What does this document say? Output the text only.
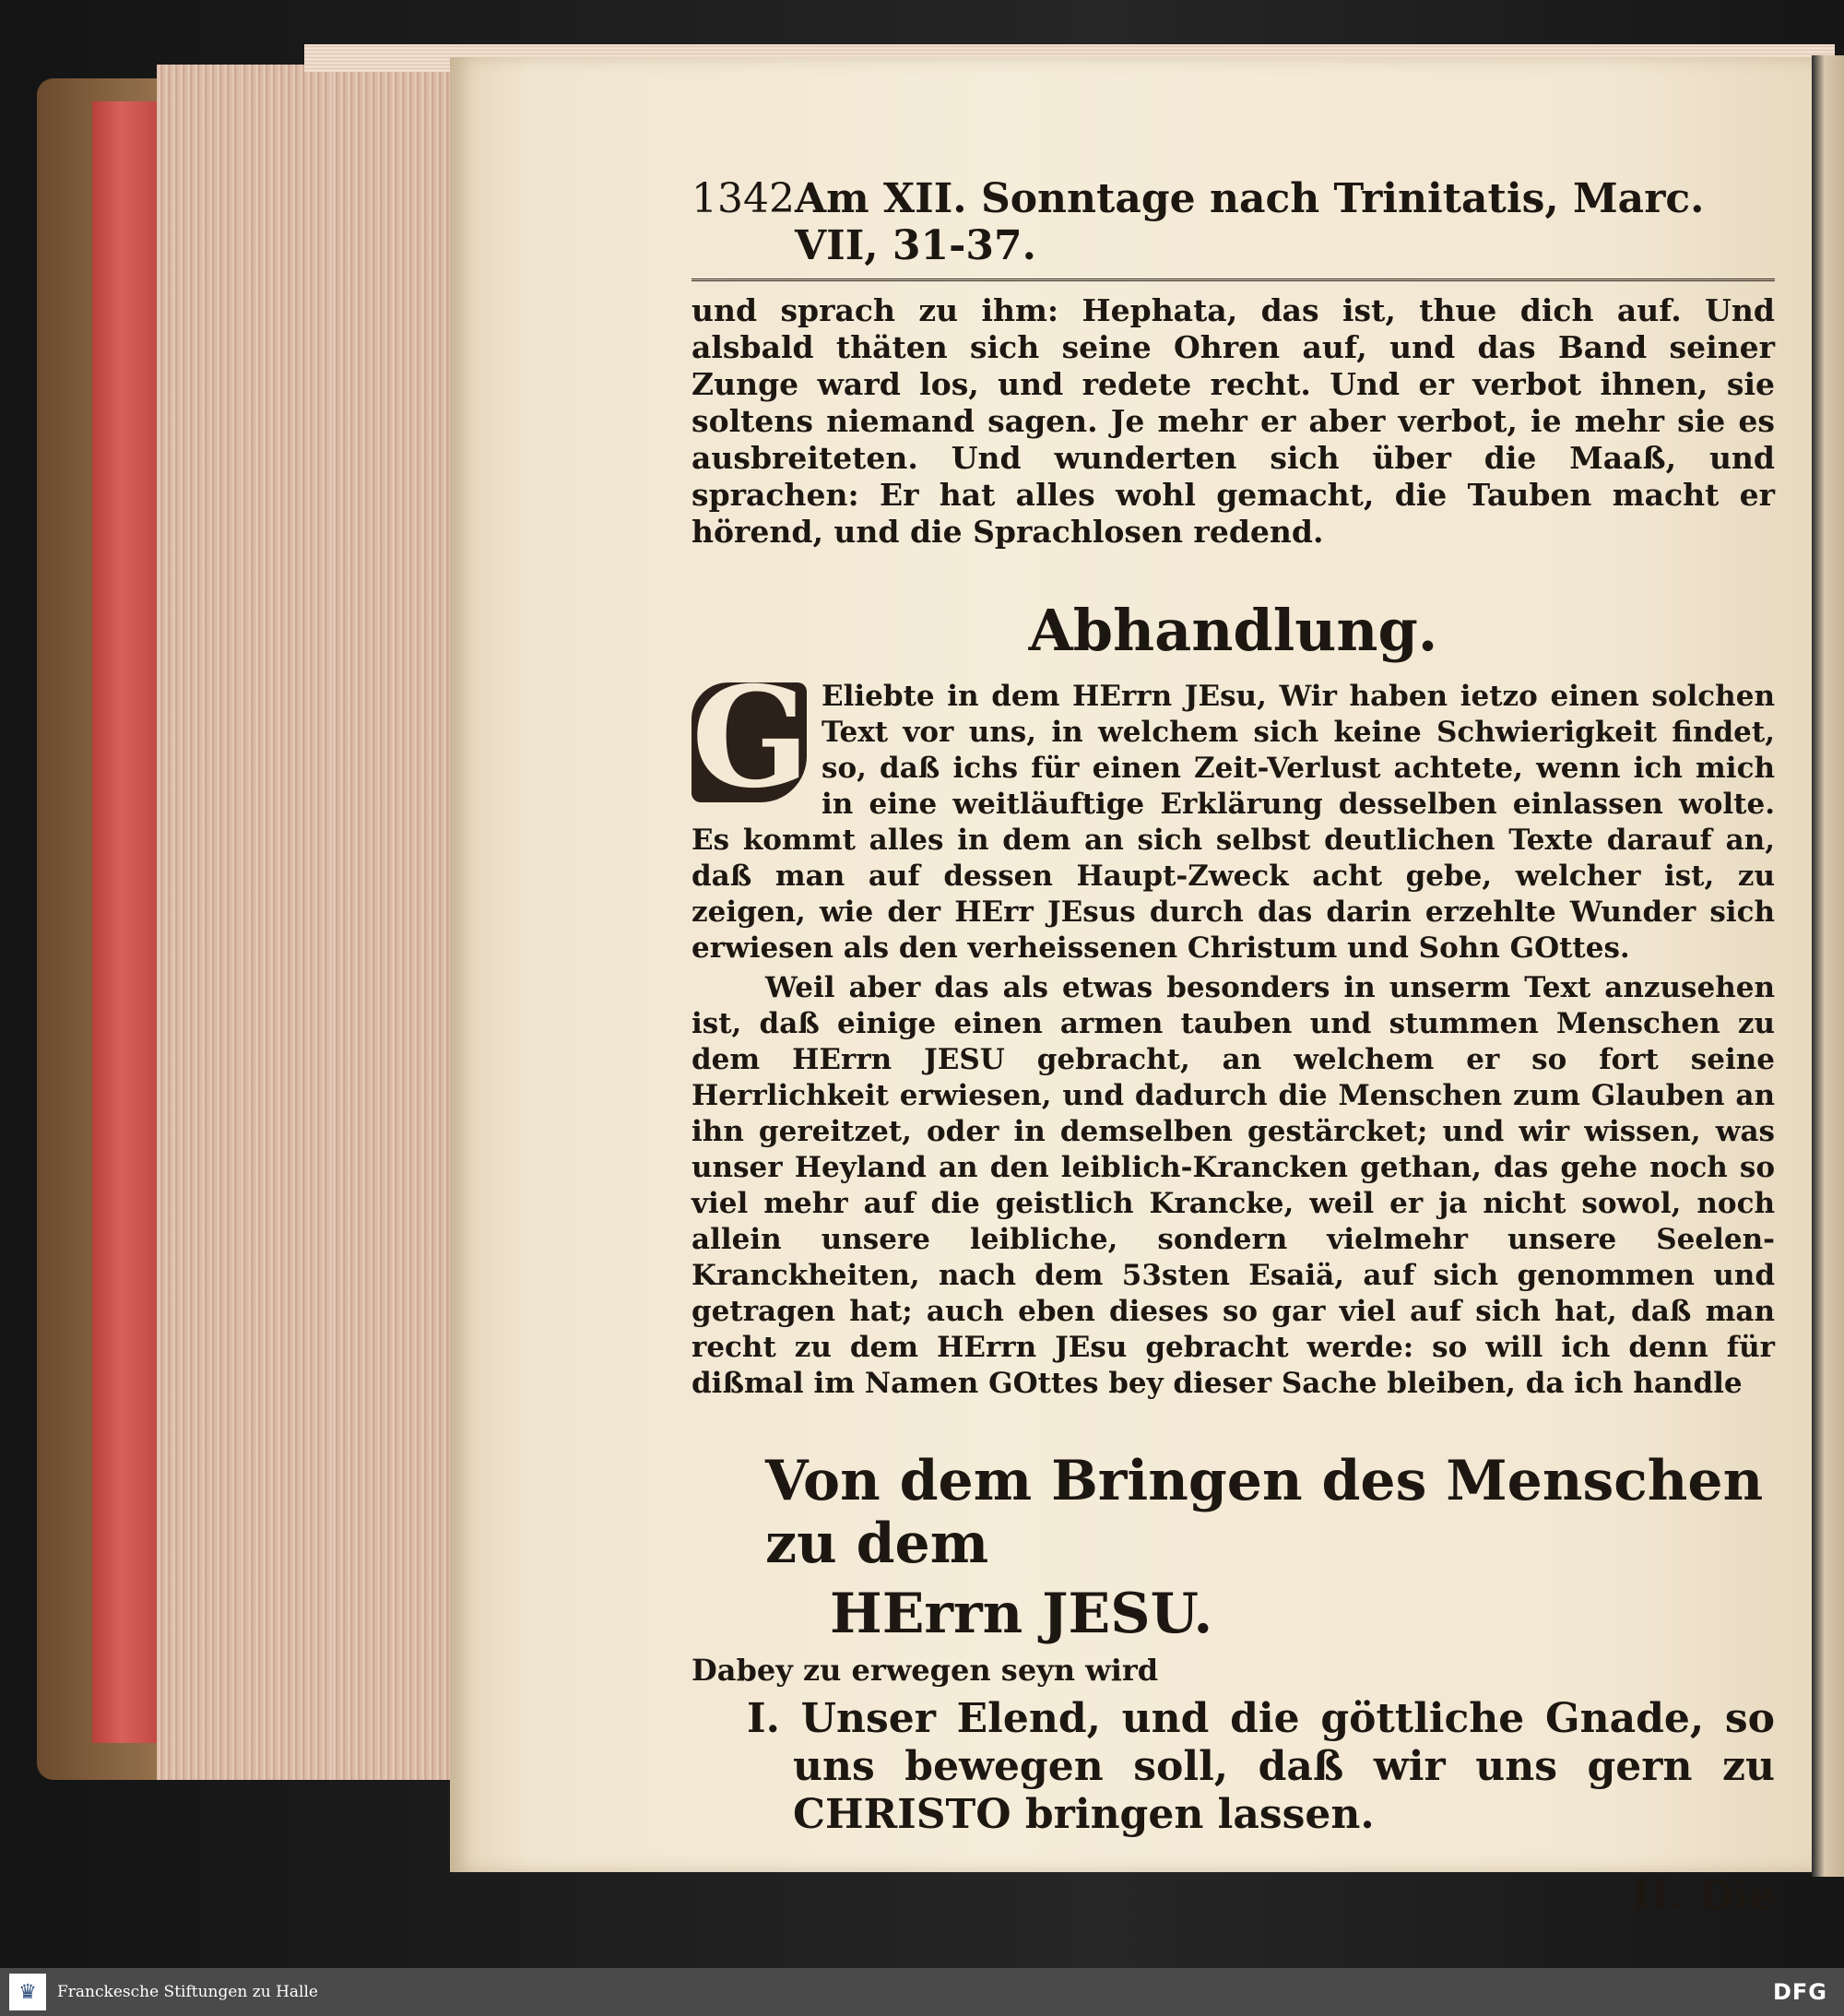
1342 Am XII. Sonntage nach Trinitatis, Marc. VII, 31-37.
und sprach zu ihm: Hephata, das ist, thue dich auf. Und alsbald thäten sich seine Ohren auf, und das Band seiner Zunge ward los, und redete recht. Und er verbot ihnen, sie soltens niemand sagen. Je mehr er aber verbot, ie mehr sie es ausbreiteten. Und wunderten sich über die Maaß, und sprachen: Er hat alles wohl gemacht, die Tauben macht er hörend, und die Sprachlosen redend.
Abhandlung.
G Eliebte in dem HErrn JEsu, Wir haben ietzo einen solchen Text vor uns, in welchem sich keine Schwierigkeit findet, so, daß ichs für einen Zeit-Verlust achtete, wenn ich mich in eine weitläuftige Erklärung desselben einlassen wolte. Es kommt alles in dem an sich selbst deutlichen Texte darauf an, daß man auf dessen Haupt-Zweck acht gebe, welcher ist, zu zeigen, wie der HErr JEsus durch das darin erzehlte Wunder sich erwiesen als den verheissenen Christum und Sohn GOttes.
Weil aber das als etwas besonders in unserm Text anzusehen ist, daß einige einen armen tauben und stummen Menschen zu dem HErrn JESU gebracht, an welchem er so fort seine Herrlichkeit erwiesen, und dadurch die Menschen zum Glauben an ihn gereitzet, oder in demselben gestärcket; und wir wissen, was unser Heyland an den leiblich-Krancken gethan, das gehe noch so viel mehr auf die geistlich Krancke, weil er ja nicht sowol, noch allein unsere leibliche, sondern vielmehr unsere Seelen-Kranckheiten, nach dem 53sten Esaiä, auf sich genommen und getragen hat; auch eben dieses so gar viel auf sich hat, daß man recht zu dem HErrn JEsu gebracht werde: so will ich denn für dißmal im Namen GOttes bey dieser Sache bleiben, da ich handle
Von dem Bringen des Menschen zu dem
HErrn JESU.
Dabey zu erwegen seyn wird
I. Unser Elend, und die göttliche Gnade, so uns bewegen soll, daß wir uns gern zu CHRISTO bringen lassen.
II. Die
♛	Franckesche Stiftungen zu Halle	DFG
